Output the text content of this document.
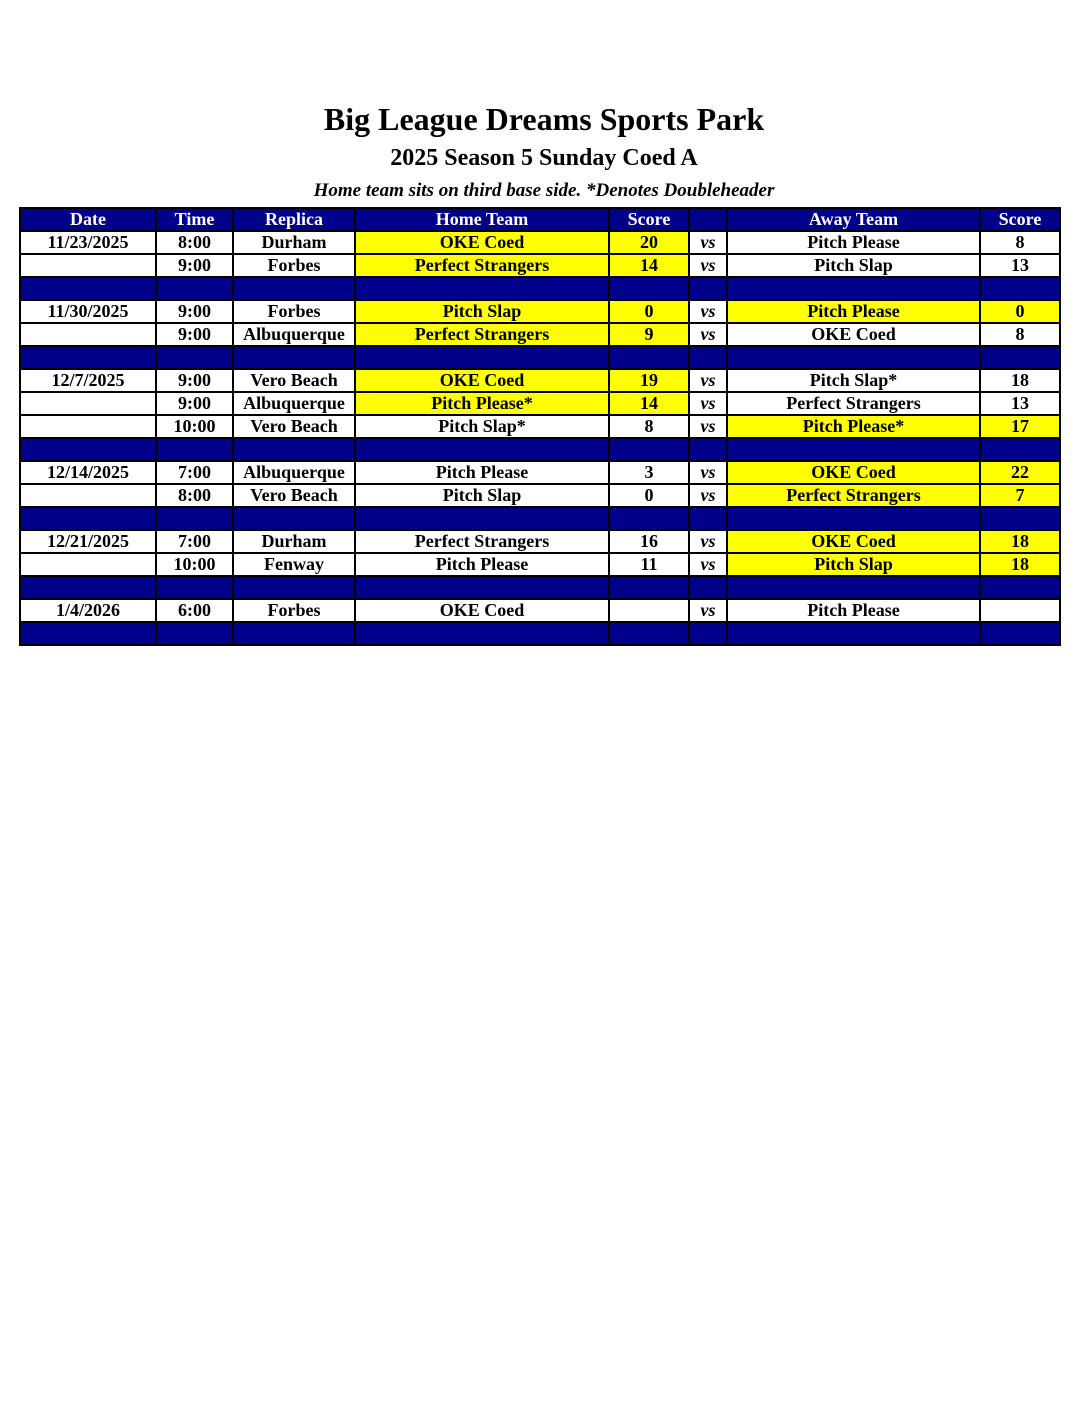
Big League Dreams Sports Park
2025 Season 5 Sunday Coed A
Home team sits on third base side. *Denotes Doubleheader
Date	Time	Replica	Home Team	Score		Away Team	Score
11/23/2025	8:00	Durham	OKE Coed	20	vs	Pitch Please	8
	9:00	Forbes	Perfect Strangers	14	vs	Pitch Slap	13

11/30/2025	9:00	Forbes	Pitch Slap	0	vs	Pitch Please	0
	9:00	Albuquerque	Perfect Strangers	9	vs	OKE Coed	8

12/7/2025	9:00	Vero Beach	OKE Coed	19	vs	Pitch Slap*	18
	9:00	Albuquerque	Pitch Please*	14	vs	Perfect Strangers	13
	10:00	Vero Beach	Pitch Slap*	8	vs	Pitch Please*	17

12/14/2025	7:00	Albuquerque	Pitch Please	3	vs	OKE Coed	22
	8:00	Vero Beach	Pitch Slap	0	vs	Perfect Strangers	7

12/21/2025	7:00	Durham	Perfect Strangers	16	vs	OKE Coed	18
	10:00	Fenway	Pitch Please	11	vs	Pitch Slap	18

1/4/2026	6:00	Forbes	OKE Coed		vs	Pitch Please	
